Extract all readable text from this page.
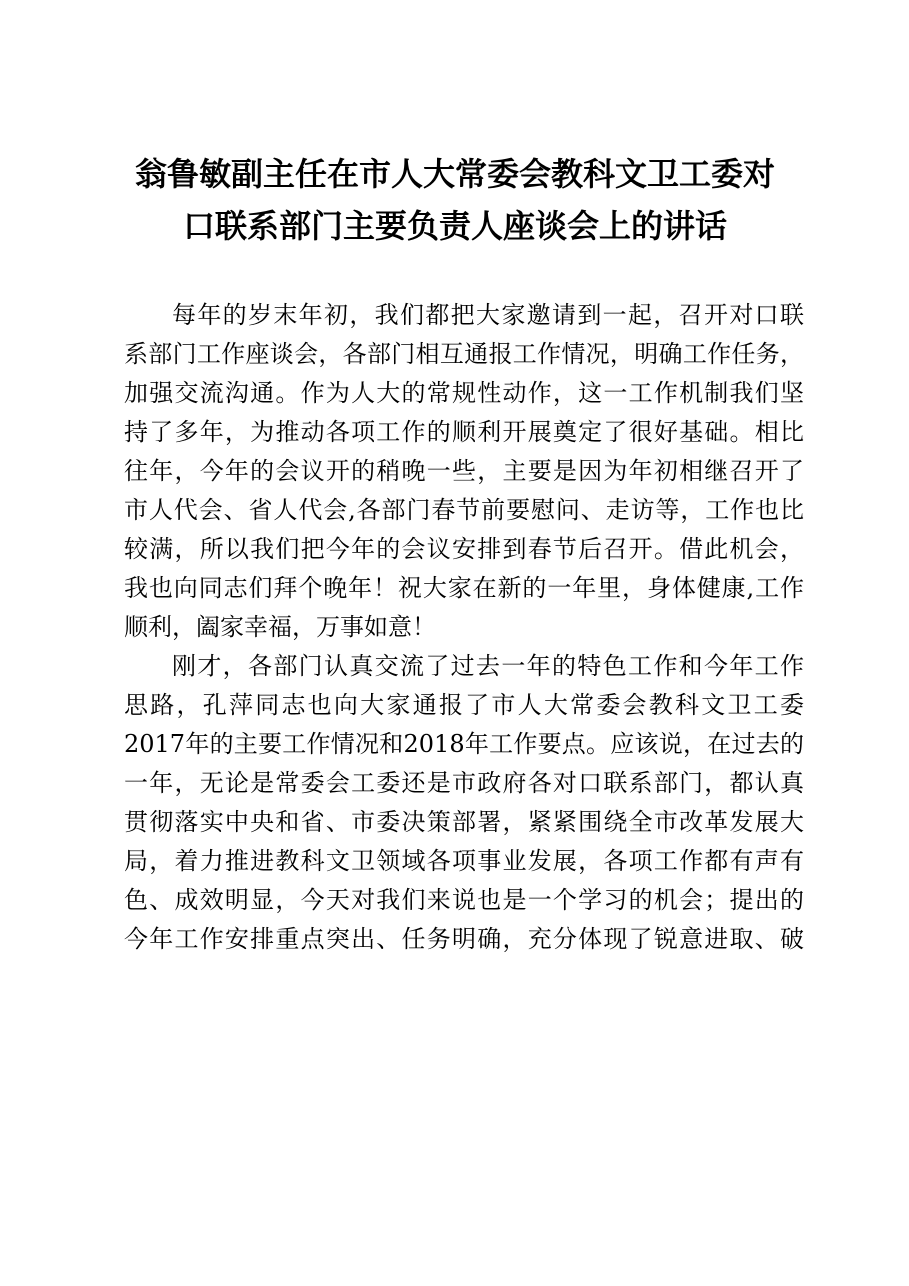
翁鲁敏副主任在市人大常委会教科文卫工委对
口联系部门主要负责人座谈会上的讲话

每年的岁末年初，我们都把大家邀请到一起，召开对口联
系部门工作座谈会，各部门相互通报工作情况，明确工作任务，
加强交流沟通。作为人大的常规性动作，这一工作机制我们坚
持了多年，为推动各项工作的顺利开展奠定了很好基础。相比
往年，今年的会议开的稍晚一些，主要是因为年初相继召开了
市人代会、省人代会,各部门春节前要慰问、走访等，工作也比
较满，所以我们把今年的会议安排到春节后召开。借此机会，
我也向同志们拜个晚年！祝大家在新的一年里，身体健康,工作
顺利，阖家幸福，万事如意！

刚才，各部门认真交流了过去一年的特色工作和今年工作
思路，孔萍同志也向大家通报了市人大常委会教科文卫工委
2017年的主要工作情况和2018年工作要点。应该说，在过去的
一年，无论是常委会工委还是市政府各对口联系部门，都认真
贯彻落实中央和省、市委决策部署，紧紧围绕全市改革发展大
局，着力推进教科文卫领域各项事业发展，各项工作都有声有
色、成效明显，今天对我们来说也是一个学习的机会；提出的
今年工作安排重点突出、任务明确，充分体现了锐意进取、破
